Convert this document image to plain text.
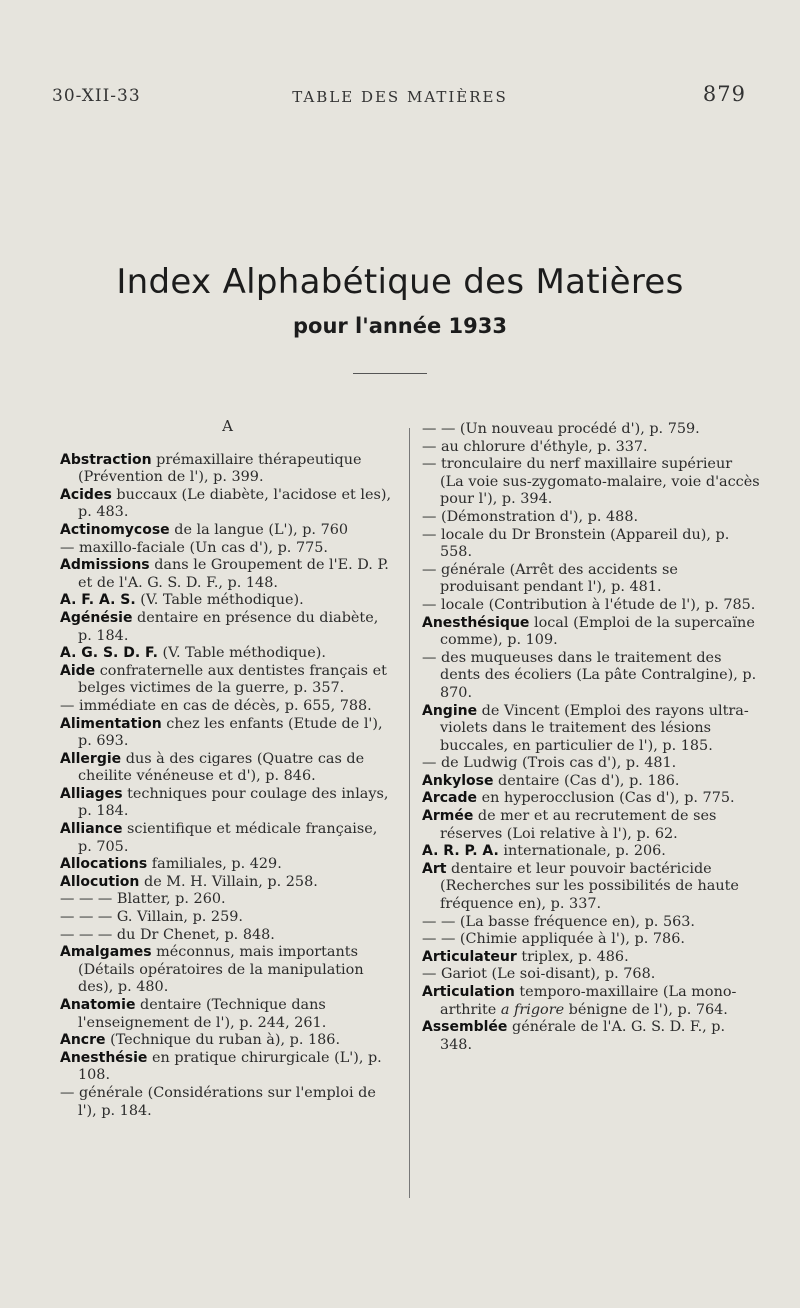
30-XII-33	TABLE DES MATIÈRES	879
Index Alphabétique des Matières
pour l'année 1933
A
Abstraction prémaxillaire thérapeutique (Prévention de l'), p. 399.
Acides buccaux (Le diabète, l'acidose et les), p. 483.
Actinomycose de la langue (L'), p. 760
— maxillo-faciale (Un cas d'), p. 775.
Admissions dans le Groupement de l'E. D. P. et de l'A. G. S. D. F., p. 148.
A. F. A. S. (V. Table méthodique).
Agénésie dentaire en présence du diabète, p. 184.
A. G. S. D. F. (V. Table méthodique).
Aide confraternelle aux dentistes français et belges victimes de la guerre, p. 357.
— immédiate en cas de décès, p. 655, 788.
Alimentation chez les enfants (Etude de l'), p. 693.
Allergie dus à des cigares (Quatre cas de cheilite vénéneuse et d'), p. 846.
Alliages techniques pour coulage des inlays, p. 184.
Alliance scientifique et médicale française, p. 705.
Allocations familiales, p. 429.
Allocution de M. H. Villain, p. 258.
— — — Blatter, p. 260.
— — — G. Villain, p. 259.
— — — du Dr Chenet, p. 848.
Amalgames méconnus, mais importants (Détails opératoires de la manipulation des), p. 480.
Anatomie dentaire (Technique dans l'enseignement de l'), p. 244, 261.
Ancre (Technique du ruban à), p. 186.
Anesthésie en pratique chirurgicale (L'), p. 108.
— générale (Considérations sur l'emploi de l'), p. 184.
— — (Un nouveau procédé d'), p. 759.
— au chlorure d'éthyle, p. 337.
— tronculaire du nerf maxillaire supérieur (La voie sus-zygomato-malaire, voie d'accès pour l'), p. 394.
— (Démonstration d'), p. 488.
— locale du Dr Bronstein (Appareil du), p. 558.
— générale (Arrêt des accidents se produisant pendant l'), p. 481.
— locale (Contribution à l'étude de l'), p. 785.
Anesthésique local (Emploi de la supercaïne comme), p. 109.
— des muqueuses dans le traitement des dents des écoliers (La pâte Contralgine), p. 870.
Angine de Vincent (Emploi des rayons ultra-violets dans le traitement des lésions buccales, en particulier de l'), p. 185.
— de Ludwig (Trois cas d'), p. 481.
Ankylose dentaire (Cas d'), p. 186.
Arcade en hyperocclusion (Cas d'), p. 775.
Armée de mer et au recrutement de ses réserves (Loi relative à l'), p. 62.
A. R. P. A. internationale, p. 206.
Art dentaire et leur pouvoir bactéricide (Recherches sur les possibilités de haute fréquence en), p. 337.
— — (La basse fréquence en), p. 563.
— — (Chimie appliquée à l'), p. 786.
Articulateur triplex, p. 486.
— Gariot (Le soi-disant), p. 768.
Articulation temporo-maxillaire (La mono-arthrite a frigore bénigne de l'), p. 764.
Assemblée générale de l'A. G. S. D. F., p. 348.
